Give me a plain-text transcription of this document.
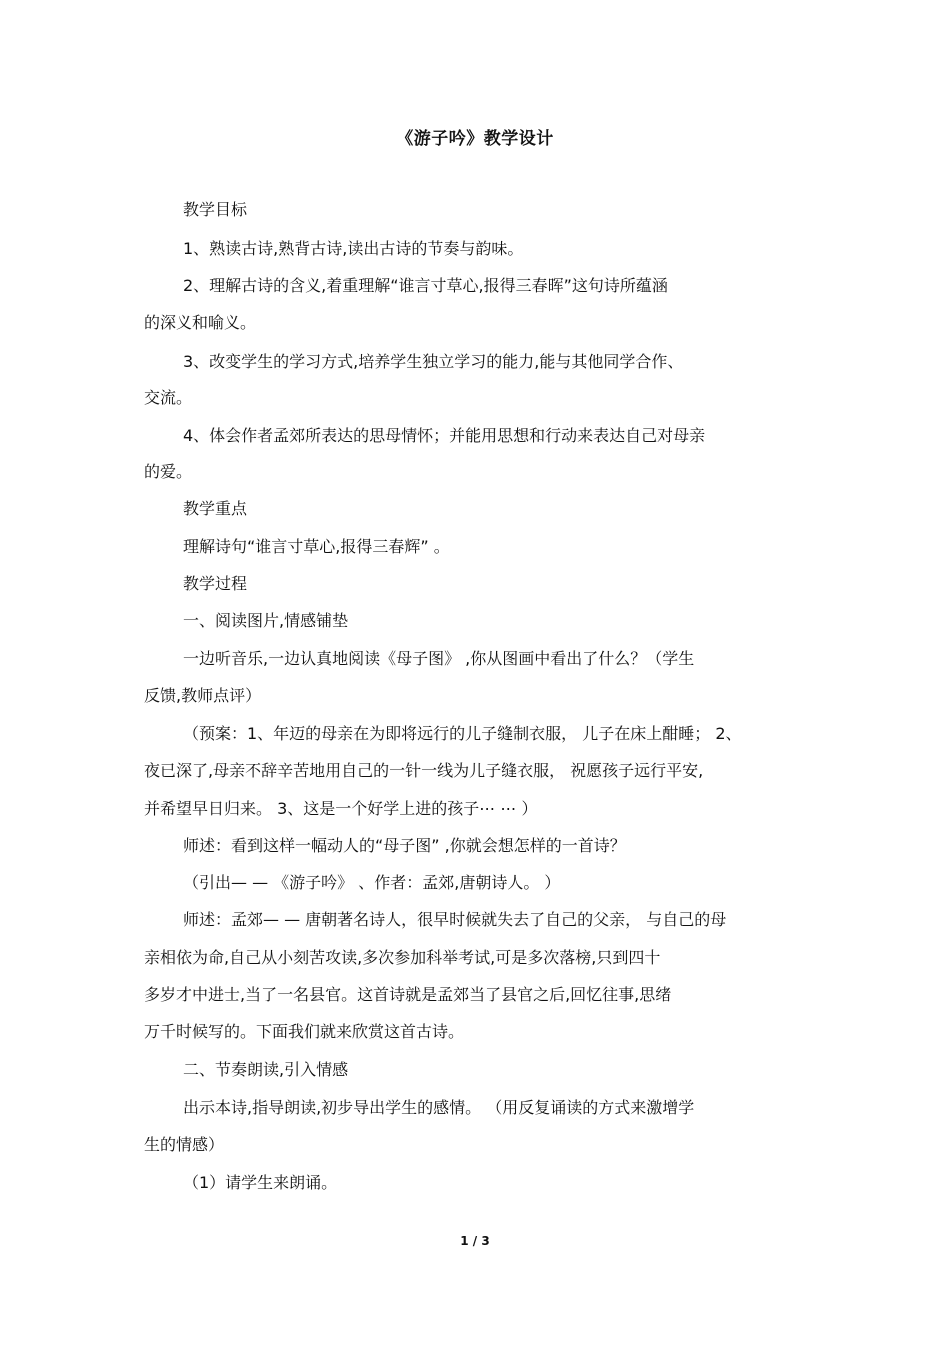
《游子吟》教学设计
教学目标
1、熟读古诗,熟背古诗,读出古诗的节奏与韵味。
2、理解古诗的含义,着重理解“谁言寸草心,报得三春晖”这句诗所蕴涵
的深义和喻义。
3、改变学生的学习方式,培养学生独立学习的能力,能与其他同学合作、
交流。
4、体会作者孟郊所表达的思母情怀；并能用思想和行动来表达自己对母亲
的爱。
教学重点
理解诗句“谁言寸草心,报得三春辉” 。
教学过程
一、阅读图片,情感铺垫
一边听音乐,一边认真地阅读《母子图》 ,你从图画中看出了什么？（学生
反馈,教师点评）
（预案：1、年迈的母亲在为即将远行的儿子缝制衣服， 儿子在床上酣睡； 2、
夜已深了,母亲不辞辛苦地用自己的一针一线为儿子缝衣服， 祝愿孩子远行平安,
并希望早日归来。 3、这是一个好学上进的孩子⋯ ⋯ ）
师述：看到这样一幅动人的“母子图” ,你就会想怎样的一首诗？
（引出— — 《游子吟》 、作者：孟郊,唐朝诗人。 ）
师述：孟郊— — 唐朝著名诗人，很早时候就失去了自己的父亲， 与自己的母
亲相依为命,自己从小刻苦攻读,多次参加科举考试,可是多次落榜,只到四十
多岁才中进士,当了一名县官。这首诗就是孟郊当了县官之后,回忆往事,思绪
万千时候写的。下面我们就来欣赏这首古诗。
二、节奏朗读,引入情感
出示本诗,指导朗读,初步导出学生的感情。 （用反复诵读的方式来激增学
生的情感）
（1）请学生来朗诵。
1 / 3
